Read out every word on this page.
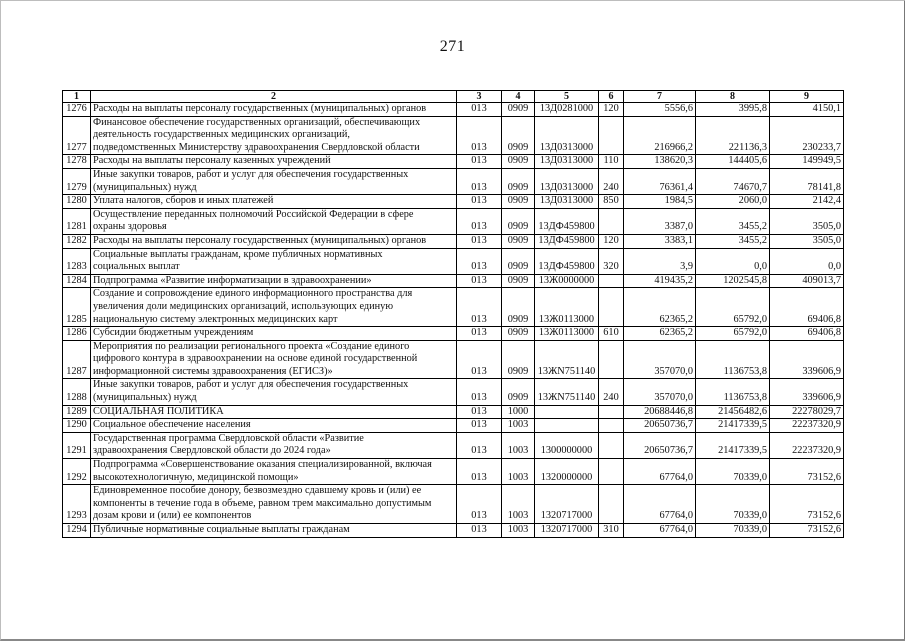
271
1	2	3	4	5	6	7	8	9
1276	Расходы на выплаты персоналу государственных (муниципальных) органов	013	0909	13Д0281000	120	5556,6	3995,8	4150,1
1277	Финансовое обеспечение государственных организаций, обеспечивающих
деятельность государственных медицинских организаций,
подведомственных Министерству здравоохранения Свердловской области	013	0909	13Д0313000		216966,2	221136,3	230233,7
1278	Расходы на выплаты персоналу казенных учреждений	013	0909	13Д0313000	110	138620,3	144405,6	149949,5
1279	Иные закупки товаров, работ и услуг для обеспечения государственных
(муниципальных) нужд	013	0909	13Д0313000	240	76361,4	74670,7	78141,8
1280	Уплата налогов, сборов и иных платежей	013	0909	13Д0313000	850	1984,5	2060,0	2142,4
1281	Осуществление переданных полномочий Российской Федерации в сфере
охраны здоровья	013	0909	13ДФ459800		3387,0	3455,2	3505,0
1282	Расходы на выплаты персоналу государственных (муниципальных) органов	013	0909	13ДФ459800	120	3383,1	3455,2	3505,0
1283	Социальные выплаты гражданам, кроме публичных нормативных
социальных выплат	013	0909	13ДФ459800	320	3,9	0,0	0,0
1284	Подпрограмма «Развитие информатизации в здравоохранении»	013	0909	13Ж0000000		419435,2	1202545,8	409013,7
1285	Создание и сопровождение единого информационного пространства для
увеличения доли медицинских организаций, использующих единую
национальную систему электронных медицинских карт	013	0909	13Ж0113000		62365,2	65792,0	69406,8
1286	Субсидии бюджетным учреждениям	013	0909	13Ж0113000	610	62365,2	65792,0	69406,8
1287	Мероприятия по реализации регионального проекта «Создание единого
цифрового контура в здравоохранении на основе единой государственной
информационной системы здравоохранения (ЕГИСЗ)»	013	0909	13ЖN751140		357070,0	1136753,8	339606,9
1288	Иные закупки товаров, работ и услуг для обеспечения государственных
(муниципальных) нужд	013	0909	13ЖN751140	240	357070,0	1136753,8	339606,9
1289	СОЦИАЛЬНАЯ ПОЛИТИКА	013	1000			20688446,8	21456482,6	22278029,7
1290	Социальное обеспечение населения	013	1003			20650736,7	21417339,5	22237320,9
1291	Государственная программа Свердловской области «Развитие
здравоохранения Свердловской области до 2024 года»	013	1003	1300000000		20650736,7	21417339,5	22237320,9
1292	Подпрограмма «Совершенствование оказания специализированной, включая
высокотехнологичную, медицинской помощи»	013	1003	1320000000		67764,0	70339,0	73152,6
1293	Единовременное пособие донору, безвозмездно сдавшему кровь и (или) ее
компоненты в течение года в объеме, равном трем максимально допустимым
дозам крови и (или) ее компонентов	013	1003	1320717000		67764,0	70339,0	73152,6
1294	Публичные нормативные социальные выплаты гражданам	013	1003	1320717000	310	67764,0	70339,0	73152,6
